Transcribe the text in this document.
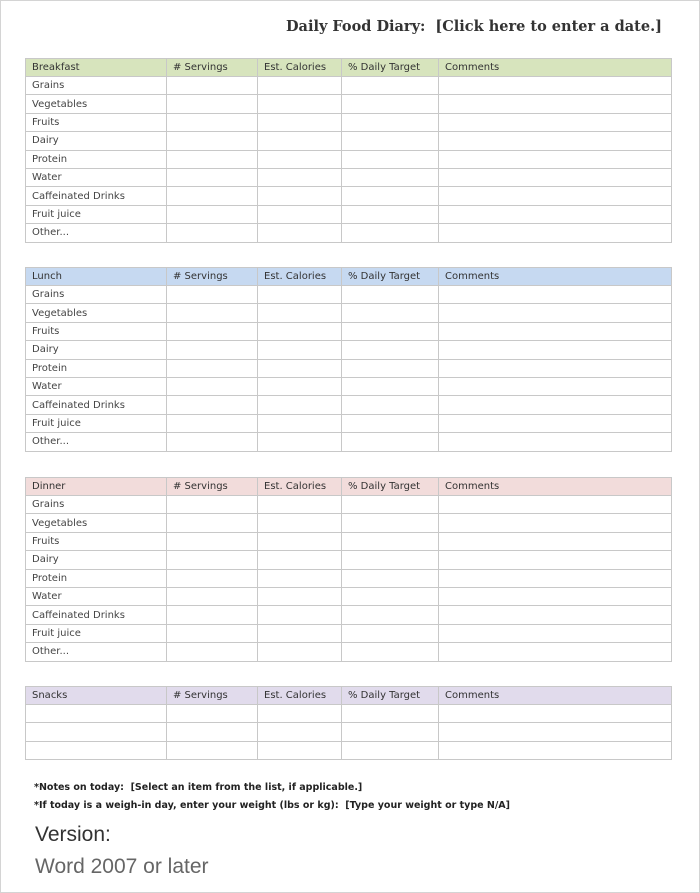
Daily Food Diary: [Click here to enter a date.]
Breakfast	# Servings	Est. Calories	% Daily Target	Comments
Grains				
Vegetables				
Fruits				
Dairy				
Protein				
Water				
Caffeinated Drinks				
Fruit juice				
Other...				
Lunch	# Servings	Est. Calories	% Daily Target	Comments
Grains				
Vegetables				
Fruits				
Dairy				
Protein				
Water				
Caffeinated Drinks				
Fruit juice				
Other...				
Dinner	# Servings	Est. Calories	% Daily Target	Comments
Grains				
Vegetables				
Fruits				
Dairy				
Protein				
Water				
Caffeinated Drinks				
Fruit juice				
Other...				
Snacks	# Servings	Est. Calories	% Daily Target	Comments

*Notes on today: [Select an item from the list, if applicable.]
*If today is a weigh-in day, enter your weight (lbs or kg): [Type your weight or type N/A]
Version:
Word 2007 or later
